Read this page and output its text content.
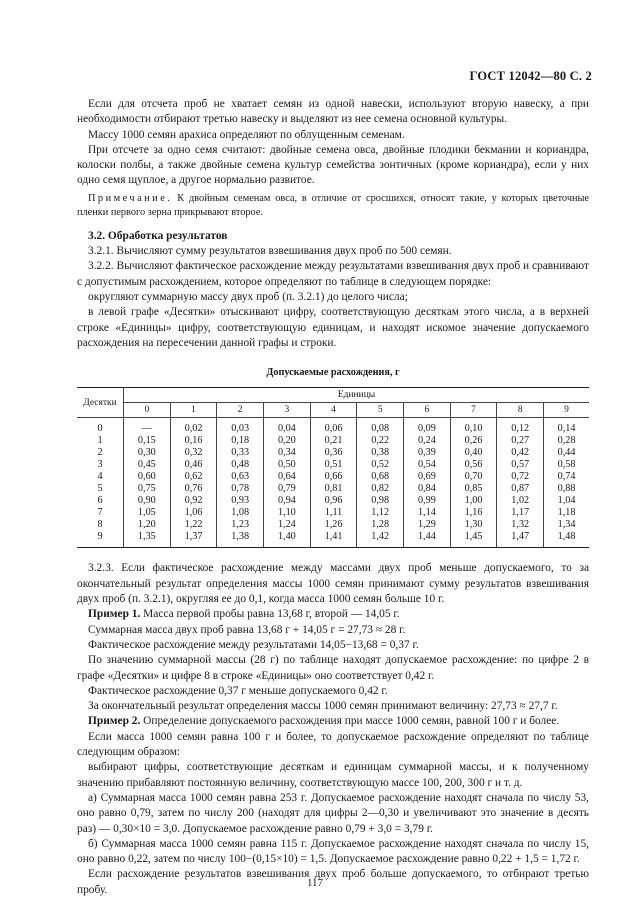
ГОСТ 12042—80 С. 2

Если для отсчета проб не хватает семян из одной навески, используют вторую навеску, а при необходимости отбирают третью навеску и выделяют из нее семена основной культуры.

Массу 1000 семян арахиса определяют по облущенным семенам.

При отсчете за одно семя считают: двойные семена овса, двойные плодики бекмании и кориандра, колоски полбы, а также двойные семена культур семейства зонтичных (кроме кориандра), если у них одно семя щуплое, а другое нормально развитое.

Примечание. К двойным семенам овса, в отличие от сросшихся, относят такие, у которых цветочные пленки первого зерна прикрывают второе.

3.2. Обработка результатов

3.2.1. Вычисляют сумму результатов взвешивания двух проб по 500 семян.

3.2.2. Вычисляют фактическое расхождение между результатами взвешивания двух проб и сравнивают с допустимым расхождением, которое определяют по таблице в следующем порядке:

округляют суммарную массу двух проб (п. 3.2.1) до целого числа;

в левой графе «Десятки» отыскивают цифру, соответствующую десяткам этого числа, а в верхней строке «Единицы» цифру, соответствующую единицам, и находят искомое значение допускаемого расхождения на пересечении данной графы и строки.

Допускаемые расхождения, г
Десятки	Единицы									
	0	1	2	3	4	5	6	7	8	9
0	—	0,02	0,03	0,04	0,06	0,08	0,09	0,10	0,12	0,14
1	0,15	0,16	0,18	0,20	0,21	0,22	0,24	0,26	0,27	0,28
2	0,30	0,32	0,33	0,34	0,36	0,38	0,39	0,40	0,42	0,44
3	0,45	0,46	0,48	0,50	0,51	0,52	0,54	0,56	0,57	0,58
4	0,60	0,62	0,63	0,64	0,66	0,68	0,69	0,70	0,72	0,74
5	0,75	0,76	0,78	0,79	0,81	0,82	0,84	0,85	0,87	0,88
6	0,90	0,92	0,93	0,94	0,96	0,98	0,99	1,00	1,02	1,04
7	1,05	1,06	1,08	1,10	1,11	1,12	1,14	1,16	1,17	1,18
8	1,20	1,22	1,23	1,24	1,26	1,28	1,29	1,30	1,32	1,34
9	1,35	1,37	1,38	1,40	1,41	1,42	1,44	1,45	1,47	1,48

3.2.3. Если фактическое расхождение между массами двух проб меньше допускаемого, то за окончательный результат определения массы 1000 семян принимают сумму результатов взвешивания двух проб (п. 3.2.1), округляя ее до 0,1, когда масса 1000 семян больше 10 г.

Пример 1. Масса первой пробы равна 13,68 г, второй — 14,05 г.

Суммарная масса двух проб равна 13,68 г + 14,05 г = 27,73 ≈ 28 г.

Фактическое расхождение между результатами 14,05−13,68 = 0,37 г.

По значению суммарной массы (28 г) по таблице находят допускаемое расхождение: по цифре 2 в графе «Десятки» и цифре 8 в строке «Единицы» оно соответствует 0,42 г.

Фактическое расхождение 0,37 г меньше допускаемого 0,42 г.

За окончательный результат определения массы 1000 семян принимают величину: 27,73 ≈ 27,7 г.

Пример 2. Определение допускаемого расхождения при массе 1000 семян, равной 100 г и более.

Если масса 1000 семян равна 100 г и более, то допускаемое расхождение определяют по таблице следующим образом:

выбирают цифры, соответствующие десяткам и единицам суммарной массы, и к полученному значению прибавляют постоянную величину, соответствующую массе 100, 200, 300 г и т. д.

а) Суммарная масса 1000 семян равна 253 г. Допускаемое расхождение находят сначала по числу 53, оно равно 0,79, затем по числу 200 (находят для цифры 2—0,30 и увеличивают это значение в десять раз) — 0,30×10 = 3,0. Допускаемое расхождение равно 0,79 + 3,0 = 3,79 г.

б) Суммарная масса 1000 семян равна 115 г. Допускаемое расхождение находят сначала по числу 15, оно равно 0,22, затем по числу 100−(0,15×10) = 1,5. Допускаемое расхождение равно 0,22 + 1,5 = 1,72 г.

Если расхождение результатов взвешивания двух проб больше допускаемого, то отбирают третью пробу.

117
